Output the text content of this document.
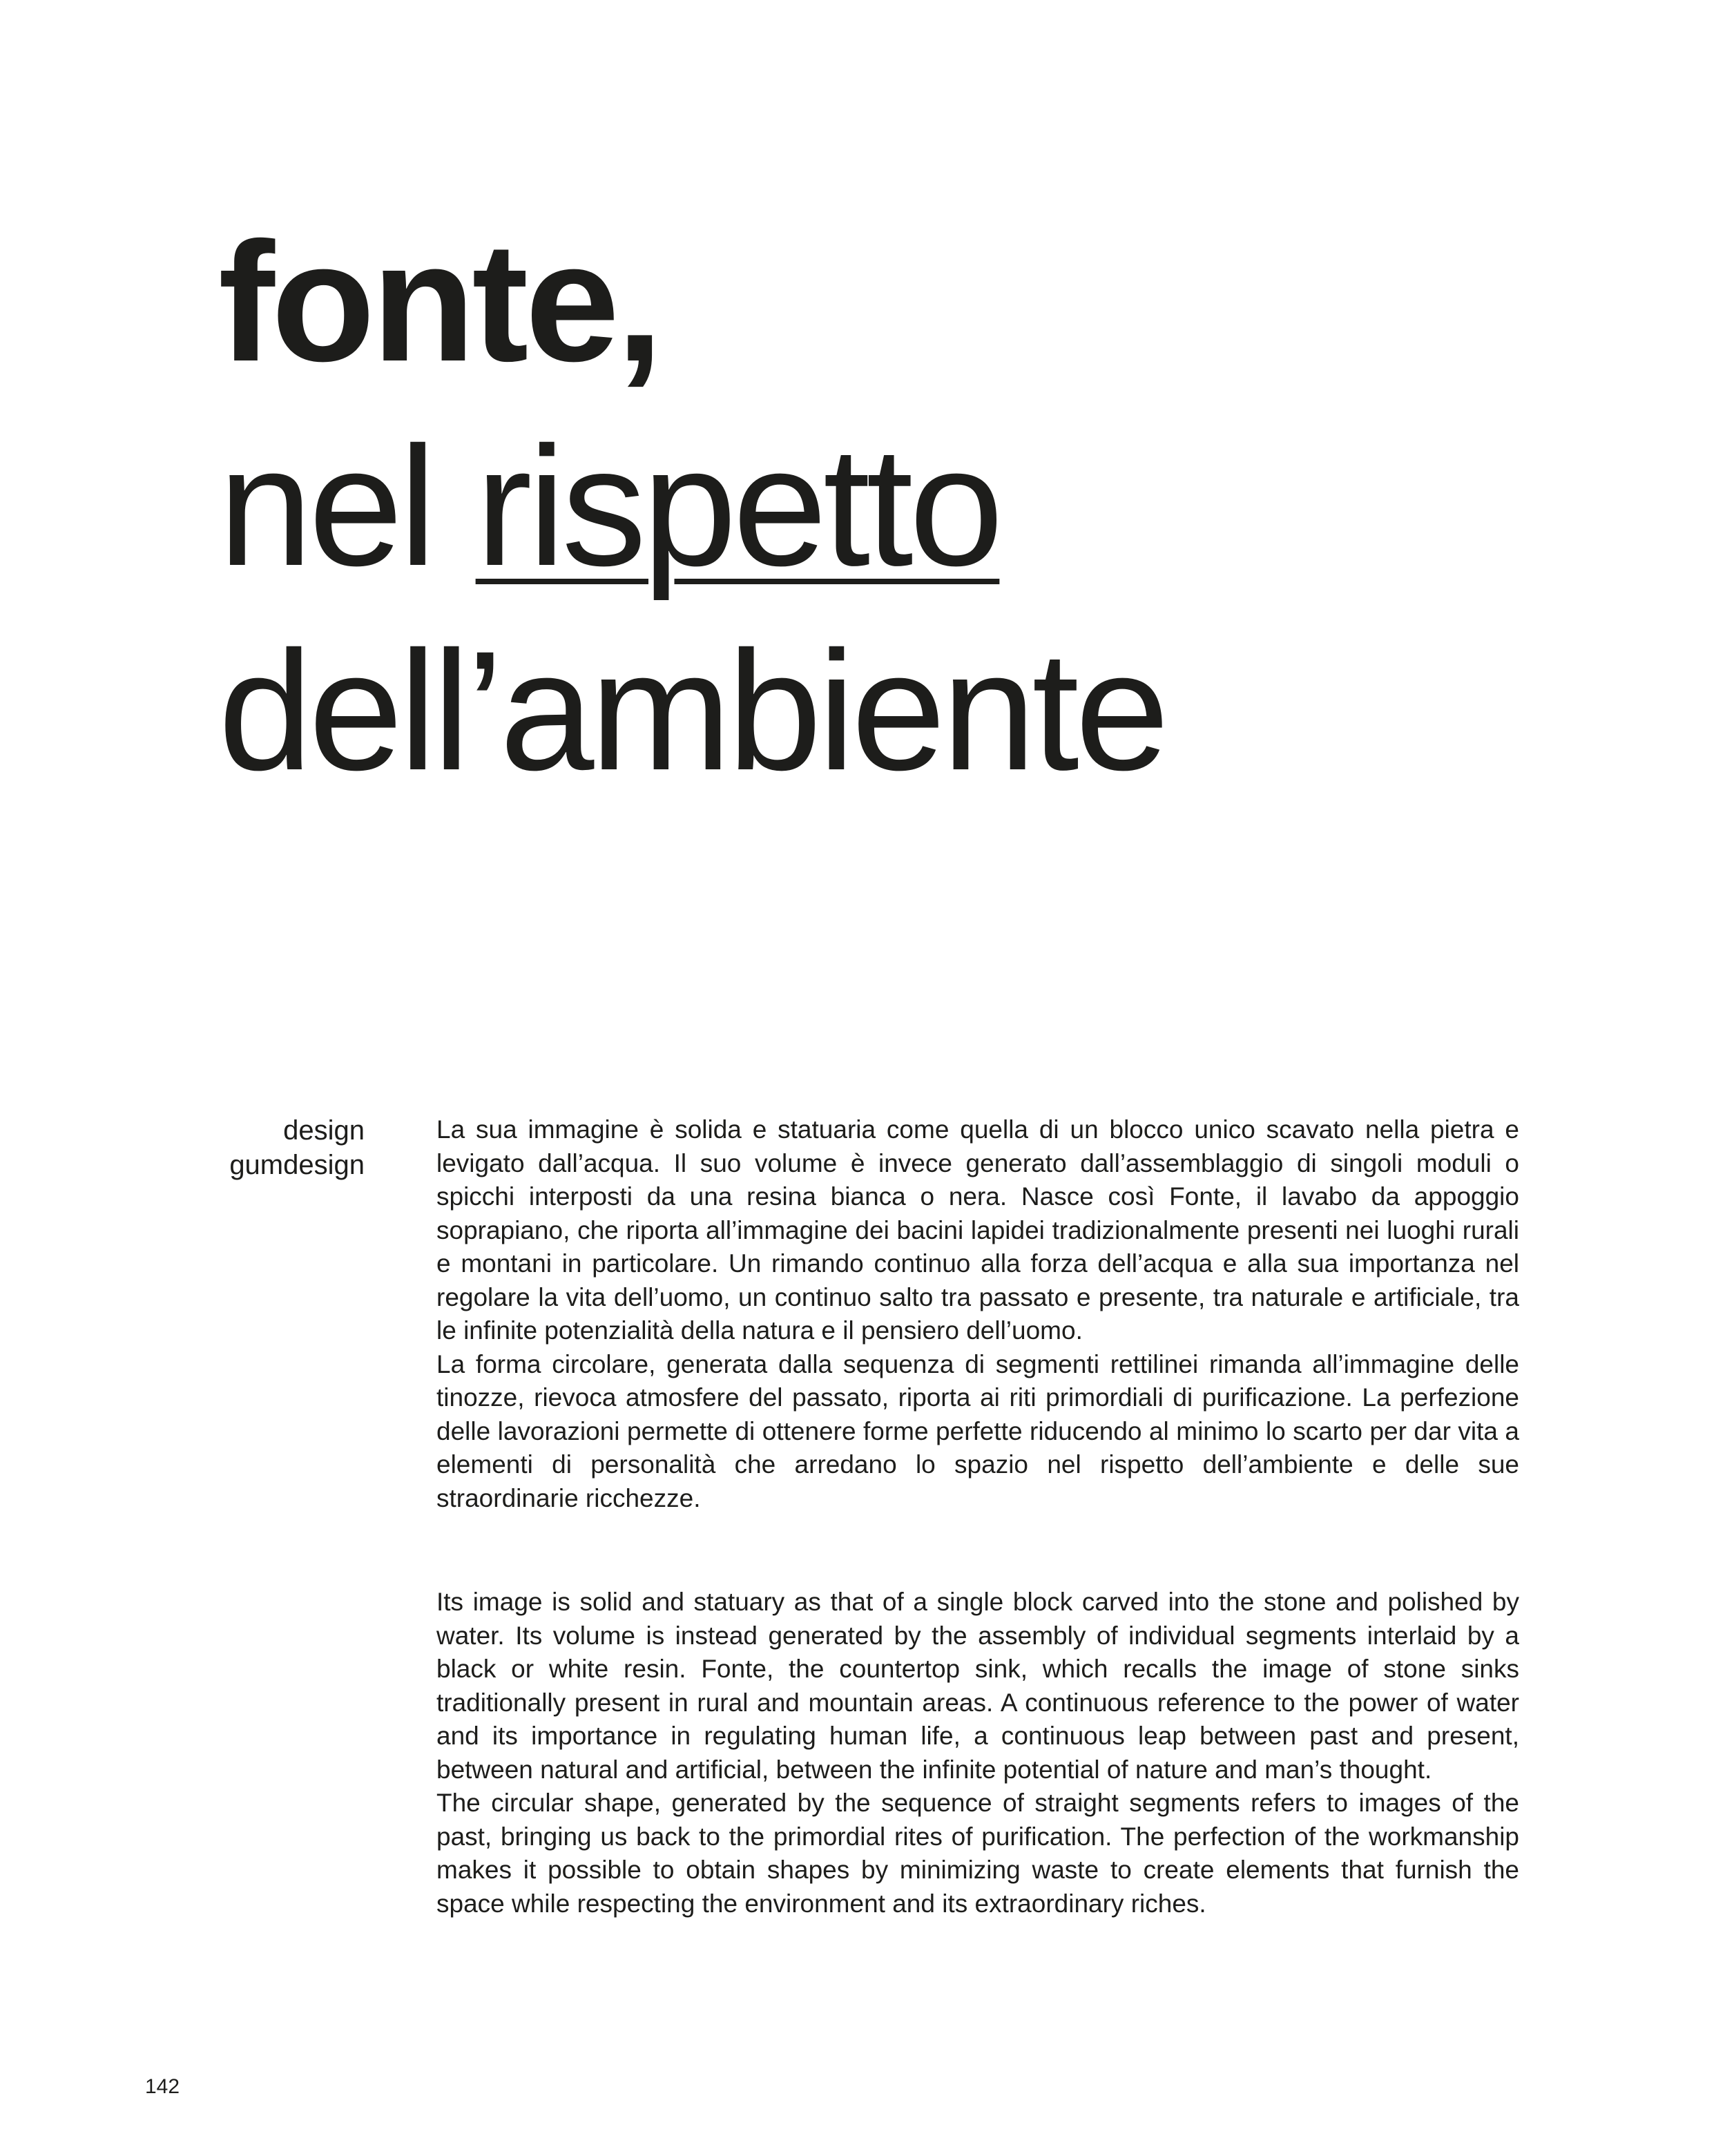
fonte,
nel rispetto
dell’ambiente
design
gumdesign

La sua immagine è solida e statuaria come quella di un blocco unico scavato nella pietra e levigato dall’acqua. Il suo volume è invece generato dall’assemblaggio di singoli moduli o spicchi interposti da una resina bianca o nera. Nasce così Fonte, il lavabo da appoggio soprapiano, che riporta all’immagine dei bacini lapidei tradizionalmente presenti nei luoghi rurali e montani in particolare. Un rimando continuo alla forza dell’acqua e alla sua importanza nel regolare la vita dell’uomo, un continuo salto tra passato e presente, tra naturale e artificiale, tra le infinite potenzialità della natura e il pensiero dell’uomo.

La forma circolare, generata dalla sequenza di segmenti rettilinei rimanda all’immagine delle tinozze, rievoca atmosfere del passato, riporta ai riti primordiali di purificazione. La perfezione delle lavorazioni permette di ottenere forme perfette riducendo al minimo lo scarto per dar vita a elementi di personalità che arredano lo spazio nel rispetto dell’ambiente e delle sue straordinarie ricchezze.

Its image is solid and statuary as that of a single block carved into the stone and polished by water. Its volume is instead generated by the assembly of individual segments interlaid by a black or white resin. Fonte, the countertop sink, which recalls the image of stone sinks traditionally present in rural and mountain areas. A continuous reference to the power of water and its importance in regulating human life, a continuous leap between past and present, between natural and artificial, between the infinite potential of nature and man’s thought.

The circular shape, generated by the sequence of straight segments refers to images of the past, bringing us back to the primordial rites of purification. The perfection of the workmanship makes it possible to obtain shapes by minimizing waste to create elements that furnish the space while respecting the environment and its extraordinary riches.

142
